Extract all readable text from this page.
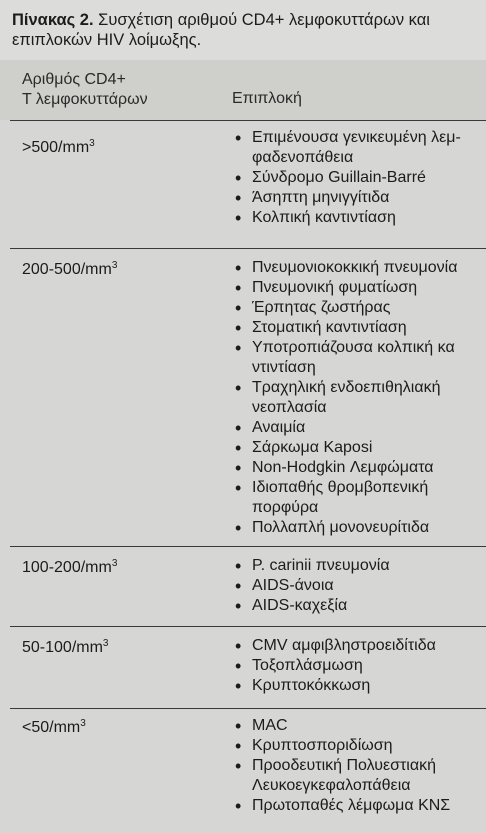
Πίνακας 2. Συσχέτιση αριθμού CD4+ λεμφοκυττάρων και
επιπλοκών HIV λοίμωξης.
Αριθμός CD4+
Τ λεμφοκυττάρων	Επιπλοκή
$>500/mm^3$	• Επιμένουσα γενικευμένη λεμ-
φαδενοπάθεια
• Σύνδρομο Guillain-Barré
• Άσηπτη μηνιγγίτιδα
• Κολπική καντιντίαση
$200-500/mm^3$	• Πνευμονιοκοκκική πνευμονία
• Πνευμονική φυματίωση
• Έρπητας ζωστήρας
• Στοματική καντιντίαση
• Υποτροπιάζουσα κολπική κα
ντιντίαση
• Τραχηλική ενδοεπιθηλιακή
νεοπλασία
• Αναιμία
• Σάρκωμα Kaposi
• Non-Hodgkin Λεμφώματα
• Ιδιοπαθής θρομβοπενική
πορφύρα
• Πολλαπλή μονονευρίτιδα
$100-200/mm^3$	• P. carinii πνευμονία
• AIDS-άνοια
• AIDS-καχεξία
$50-100/mm^3$	• CMV αμφιβληστροειδίτιδα
• Τοξοπλάσμωση
• Κρυπτοκόκκωση
$<50/mm^3$	• MAC
• Κρυπτοσποριδίωση
• Προοδευτική Πολυεστιακή
Λευκοεγκεφαλοπάθεια
• Πρωτοπαθές λέμφωμα ΚΝΣ
